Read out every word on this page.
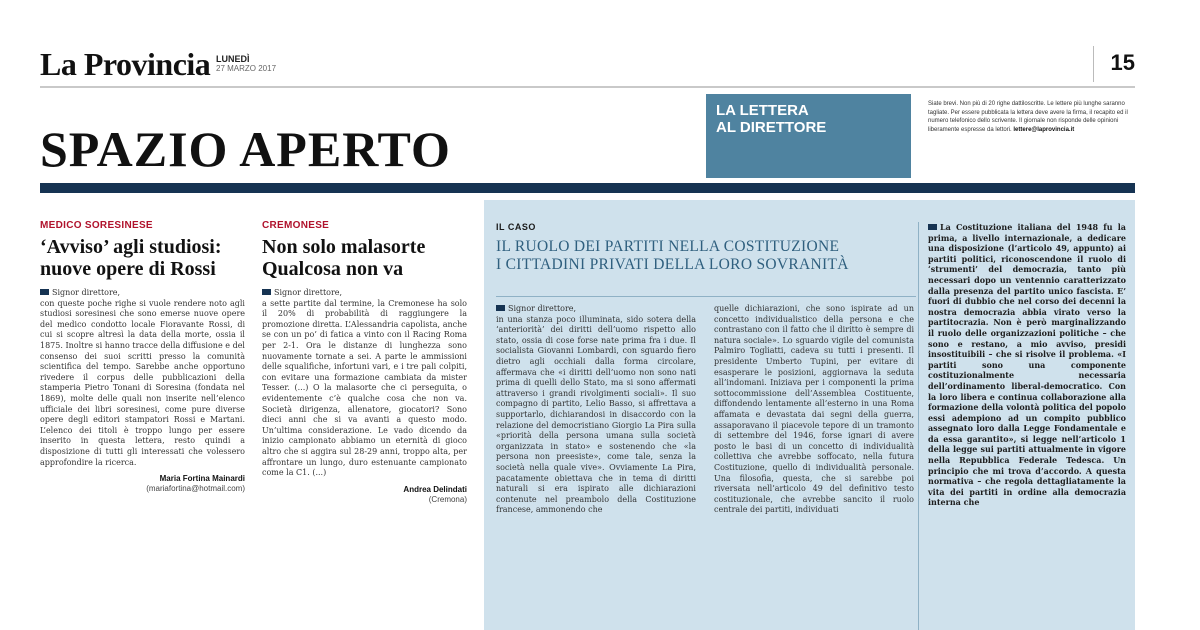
La Provincia LUNEDÌ
27 MARZO 2017	15
SPAZIO APERTO
LA LETTERA
AL DIRETTORE
Siate brevi. Non più di 20 righe dattiloscritte. Le lettere più lunghe saranno tagliate. Per essere pubblicata la lettera deve avere la firma, il recapito ed il numero telefonico dello scrivente. Il giornale non risponde delle opinioni liberamente espresse da lettori. lettere@laprovincia.it
MEDICO SORESINESE
‘Avviso’ agli studiosi: nuove opere di Rossi
Signor direttore,
con queste poche righe si vuole rendere noto agli studiosi soresinesi che sono emerse nuove opere del medico condotto locale Fioravante Rossi, di cui si scopre altresì la data della morte, ossia il 1875. Inoltre si hanno tracce della diffusione e del consenso dei suoi scritti presso la comunità scientifica del tempo. Sarebbe anche opportuno rivedere il corpus delle pubblicazioni della stamperia Pietro Tonani di Soresina (fondata nel 1869), molte delle quali non inserite nell’elenco ufficiale dei libri soresinesi, come pure diverse opere degli editori stampatori Rossi e Martani. L’elenco dei titoli è troppo lungo per essere inserito in questa lettera, resto quindi a disposizione di tutti gli interessati che volessero approfondire la ricerca.
Maria Fortina Mainardi
(mariafortina@hotmail.com)
CREMONESE
Non solo malasorte Qualcosa non va
Signor direttore,
a sette partite dal termine, la Cremonese ha solo il 20% di probabilità di raggiungere la promozione diretta. L’Alessandria capolista, anche se con un po’ di fatica a vinto con il Racing Roma per 2-1. Ora le distanze di lunghezza sono nuovamente tornate a sei. A parte le ammissioni delle squalifiche, infortuni vari, e i tre pali colpiti, con evitare una formazione cambiata da mister Tesser. (...) O la malasorte che ci perseguita, o evidentemente c’è qualche cosa che non va. Società dirigenza, allenatore, giocatori? Sono dieci anni che si va avanti a questo modo. Un’ultima considerazione. Le vado dicendo da inizio campionato abbiamo un eternità di gioco altro che si aggira sul 28-29 anni, troppo alta, per affrontare un lungo, duro estenuante campionato come la C1. (...)
Andrea Delindati
(Cremona)
IL CASO
IL RUOLO DEI PARTITI NELLA COSTITUZIONE
I CITTADINI PRIVATI DELLA LORO SOVRANITÀ
Signor direttore,
in una stanza poco illuminata, sido sotera della ‘anteriorità’ dei diritti dell’uomo rispetto allo stato, ossia di cose forse nate prima fra i due. Il socialista Giovanni Lombardi, con sguardo fiero dietro agli occhiali dalla forma circolare, affermava che «i diritti dell’uomo non sono nati prima di quelli dello Stato, ma si sono affermati attraverso i grandi rivolgimenti sociali». Il suo compagno di partito, Lelio Basso, si affrettava a supportarlo, dichiarandosi in disaccordo con la relazione del democristiano Giorgio La Pira sulla «priorità della persona umana sulla società organizzata in stato» e sostenendo che «la persona non preesiste», come tale, senza la società nella quale vive». Ovviamente La Pira, pacatamente obiettava che in tema di diritti naturali si era ispirato alle dichiarazioni contenute nel preambolo della Costituzione francese, ammonendo che
quelle dichiarazioni, che sono ispirate ad un concetto individualistico della persona e che contrastano con il fatto che il diritto è sempre di natura sociale». Lo sguardo vigile del comunista Palmiro Togliatti, cadeva su tutti i presenti. Il presidente Umberto Tupini, per evitare di esasperare le posizioni, aggiornava la seduta all’indomani. Iniziava per i componenti la prima sottocommissione dell’Assemblea Costituente, diffondendo lentamente all’esterno in una Roma affamata e devastata dai segni della guerra, assaporavano il piacevole tepore di un tramonto di settembre del 1946, forse ignari di avere posto le basi di un concetto di individualità collettiva che avrebbe soffocato, nella futura Costituzione, quello di individualità personale. Una filosofia, questa, che si sarebbe poi riversata nell’articolo 49 del definitivo testo costituzionale, che avrebbe sancito il ruolo centrale dei partiti, individuati
La Costituzione italiana del 1948 fu la prima, a livello internazionale, a dedicare una disposizione (l’articolo 49, appunto) ai partiti politici, riconoscendone il ruolo di ‘strumenti’ del democrazia, tanto più necessari dopo un ventennio caratterizzato dalla presenza del partito unico fascista. E’ fuori di dubbio che nel corso dei decenni la nostra democrazia abbia virato verso la partitocrazia. Non è però marginalizzando il ruolo delle organizzazioni politiche – che sono e restano, a mio avviso, presidi insostituibili – che si risolve il problema. «I partiti sono una componente costituzionalmente necessaria dell’ordinamento liberal-democratico. Con la loro libera e continua collaborazione alla formazione della volontà politica del popolo essi adempiono ad un compito pubblico assegnato loro dalla Legge Fondamentale e da essa garantito», si legge nell’articolo 1 della legge sui partiti attualmente in vigore nella Repubblica Federale Tedesca. Un principio che mi trova d’accordo. A questa normativa – che regola dettagliatamente la vita dei partiti in ordine alla democrazia interna che
